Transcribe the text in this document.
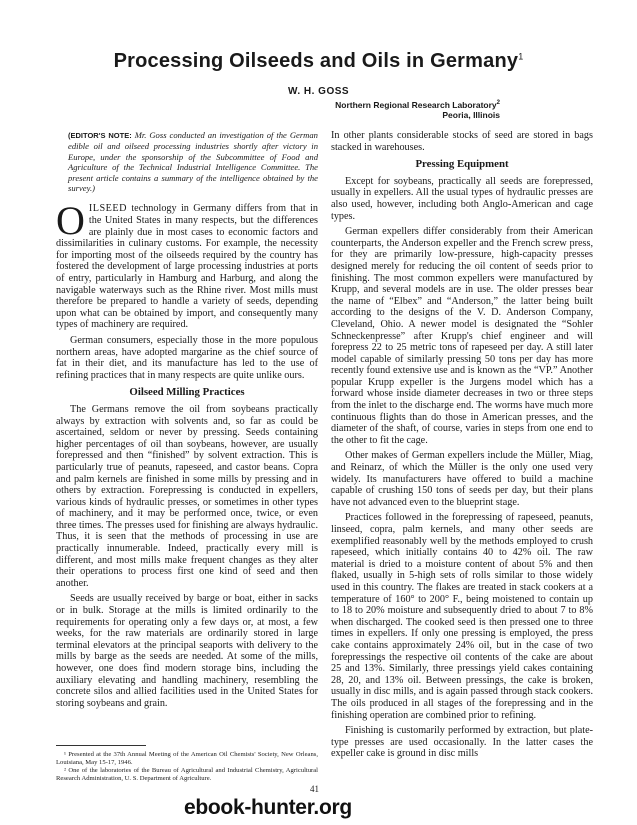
Processing Oilseeds and Oils in Germany$^1$
W. H. GOSS
Northern Regional Research Laboratory$^2$
Peoria, Illinois
(EDITOR'S NOTE: Mr. Goss conducted an investigation of the German edible oil and oilseed processing industries shortly after victory in Europe, under the sponsorship of the Subcommittee of Food and Agriculture of the Technical Industrial Intelligence Committee. The present article contains a summary of the intelligence obtained by the survey.)

OILSEED technology in Germany differs from that in the United States in many respects, but the differences are plainly due in most cases to economic factors and dissimilarities in culinary customs. For example, the necessity for importing most of the oilseeds required by the country has fostered the development of large processing industries at ports of entry, particularly in Hamburg and Harburg, and along the navigable waterways such as the Rhine river. Most mills must therefore be prepared to handle a variety of seeds, depending upon what can be obtained by import, and consequently many types of machinery are required.

German consumers, especially those in the more populous northern areas, have adopted margarine as the chief source of fat in their diet, and its manufacture has led to the use of refining practices that in many respects are quite unlike ours.

Oilseed Milling Practices

The Germans remove the oil from soybeans practically always by extraction with solvents and, so far as could be ascertained, seldom or never by pressing. Seeds containing higher percentages of oil than soybeans, however, are usually forepressed and then “finished” by solvent extraction. This is particularly true of peanuts, rapeseed, and castor beans. Copra and palm kernels are finished in some mills by pressing and in others by extraction. Forepressing is conducted in expellers, various kinds of hydraulic presses, or sometimes in other types of machinery, and it may be performed once, twice, or even three times. The presses used for finishing are always hydraulic. Thus, it is seen that the methods of processing in use are practically innumerable. Indeed, practically every mill is different, and most mills make frequent changes as they alter their operations to process first one kind of seed and then another.

Seeds are usually received by barge or boat, either in sacks or in bulk. Storage at the mills is limited ordinarily to the requirements for operating only a few days or, at most, a few weeks, for the raw materials are ordinarily stored in large terminal elevators at the principal seaports with delivery to the mills by barge as the seeds are needed. At some of the mills, however, one does find modern storage bins, including the auxiliary elevating and handling machinery, resembling the concrete silos and allied facilities used in the United States for storing soybeans and grain.

¹ Presented at the 37th Annual Meeting of the American Oil Chemists' Society, New Orleans, Louisiana, May 15-17, 1946.
² One of the laboratories of the Bureau of Agricultural and Industrial Chemistry, Agricultural Research Administration, U. S. Department of Agriculture.

In other plants considerable stocks of seed are stored in bags stacked in warehouses.

Pressing Equipment

Except for soybeans, practically all seeds are forepressed, usually in expellers. All the usual types of hydraulic presses are also used, however, including both Anglo-American and cage types.

German expellers differ considerably from their American counterparts, the Anderson expeller and the French screw press, for they are primarily low-pressure, high-capacity presses designed merely for reducing the oil content of seeds prior to finishing. The most common expellers were manufactured by Krupp, and several models are in use. The older presses bear the name of “Elbex” and “Anderson,” the latter being built according to the designs of the V. D. Anderson Company, Cleveland, Ohio. A newer model is designated the “Sohler Schneckenpresse” after Krupp's chief engineer and will forepress 22 to 25 metric tons of rapeseed per day. A still later model capable of similarly pressing 50 tons per day has more recently found extensive use and is known as the “VP.” Another popular Krupp expeller is the Jurgens model which has a forward whose inside diameter decreases in two or three steps from the inlet to the discharge end. The worms have much more continuous flights than do those in American presses, and the diameter of the shaft, of course, varies in steps from one end to the other to fit the cage.

Other makes of German expellers include the Müller, Miag, and Reinarz, of which the Müller is the only one used very widely. Its manufacturers have offered to build a machine capable of crushing 150 tons of seeds per day, but their plans have not advanced even to the blueprint stage.

Practices followed in the forepressing of rapeseed, peanuts, linseed, copra, palm kernels, and many other seeds are exemplified reasonably well by the methods employed to crush rapeseed, which initially contains 40 to 42% oil. The raw material is dried to a moisture content of about 5% and then flaked, usually in 5-high sets of rolls similar to those widely used in this country. The flakes are treated in stack cookers at a temperature of 160° to 200° F., being moistened to contain up to 18 to 20% moisture and subsequently dried to about 7 to 8% when discharged. The cooked seed is then pressed one to three times in expellers. If only one pressing is employed, the press cake contains approximately 24% oil, but in the case of two forepressings the respective oil contents of the cake are about 25 and 13%. Similarly, three pressings yield cakes containing 28, 20, and 13% oil. Between pressings, the cake is broken, usually in disc mills, and is again passed through stack cookers. The oils produced in all stages of the forepressing and in the finishing operation are combined prior to refining.

Finishing is customarily performed by extraction, but plate-type presses are used occasionally. In the latter cases the expeller cake is ground in disc mills

41
ebook-hunter.org
